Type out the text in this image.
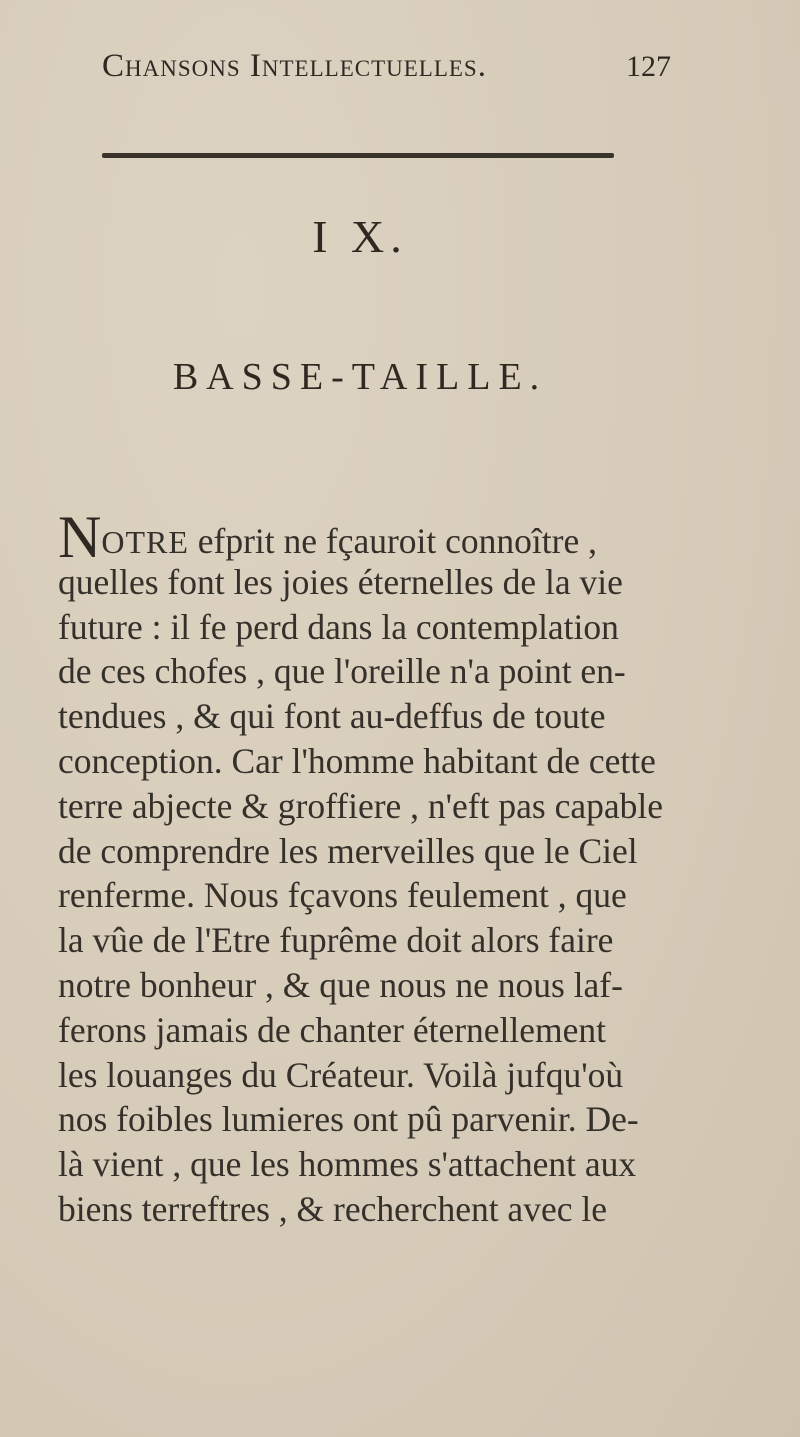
Chansons Intellectuelles.	127
I X.
BASSE-TAILLE.
NOTRE efprit ne fçauroit connoître ,
quelles font les joies éternelles de la vie
future : il fe perd dans la contemplation
de ces chofes , que l'oreille n'a point en-
tendues , & qui font au-deffus de toute
conception. Car l'homme habitant de cette
terre abjecte & groffiere , n'eft pas capable
de comprendre les merveilles que le Ciel
renferme. Nous fçavons feulement , que
la vûe de l'Etre fuprême doit alors faire
notre bonheur , & que nous ne nous laf-
ferons jamais de chanter éternellement
les louanges du Créateur. Voilà jufqu'où
nos foibles lumieres ont pû parvenir. De-
là vient , que les hommes s'attachent aux
biens terreftres , & recherchent avec le
